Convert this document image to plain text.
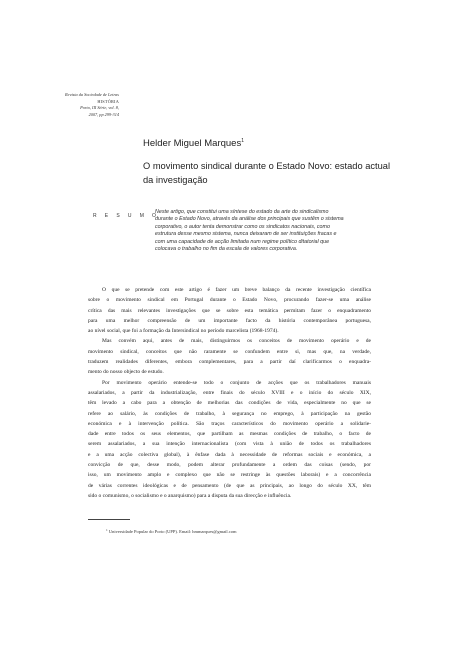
Revista da Sociedade de Letras
HISTÓRIA
Porto, III Série, vol. 8,
2007, pp 299-314
Helder Miguel Marques$^1$
O movimento sindical durante o Estado Novo: estado actual
da investigação
RESUMO
Neste artigo, que constitui uma síntese do estado da arte do sindicalismo
durante o Estado Novo, através da análise dos principais que sustêm o sistema
corporativo, o autor tenta demonstrar como os sindicatos nacionais, como
estrutura desse mesmo sistema, nunca deixaram de ser instituições fracas e
com uma capacidade de acção limitada num regime político ditatorial que
colocava o trabalho no fim da escala de valores corporativa.
O que se pretende com este artigo é fazer um breve balanço da recente investigação científica
sobre o movimento sindical em Portugal durante o Estado Novo, procurando fazer-se uma análise
crítica das mais relevantes investigações que se sobre esta temática permitam fazer o enquadramento
para uma melhor compreensão de um importante facto da história contemporânea portuguesa,
ao nível social, que foi a formação da Intersindical no período marcelista (1968-1974).
Mas convém aqui, antes de mais, distinguirmos os conceitos de movimento operário e de
movimento sindical, conceitos que não raramente se confundem entre si, mas que, na verdade,
traduzem realidades diferentes, embora complementares, para a partir daí clarificarmos o enquadra-
mento do nosso objecto de estudo.
Por movimento operário entende-se todo o conjunto de acções que os trabalhadores manuais
assalariados, a partir da industrialização, entre finais do século XVIII e o início do século XIX,
têm levado a cabo para a obtenção de melhorias das condições de vida, especialmente no que se
refere ao salário, às condições de trabalho, à segurança no emprego, à participação na gestão
económica e à intervenção política. São traços característicos do movimento operário a solidarie-
dade entre todos os seus elementos, que partilham as mesmas condições de trabalho, o facto de
serem assalariados, a sua intenção internacionalista (com vista à união de todos os trabalhadores
e a uma acção colectiva global), à ênfase dada à necessidade de reformas sociais e económica, a
convicção de que, desse modo, podem alterar profundamente a ordem das coisas (sendo, por
isso, um movimento amplo e complexo que não se restringe às questões laborais) e a concorrência
de várias correntes ideológicas e de pensamento (de que as principais, ao longo do século XX, têm
sido o comunismo, o socialismo e o anarquismo) para a disputa da sua direcção e influência.
$^1$ Universidade Popular do Porto (UPP). Email: hmmarques@gmail.com
